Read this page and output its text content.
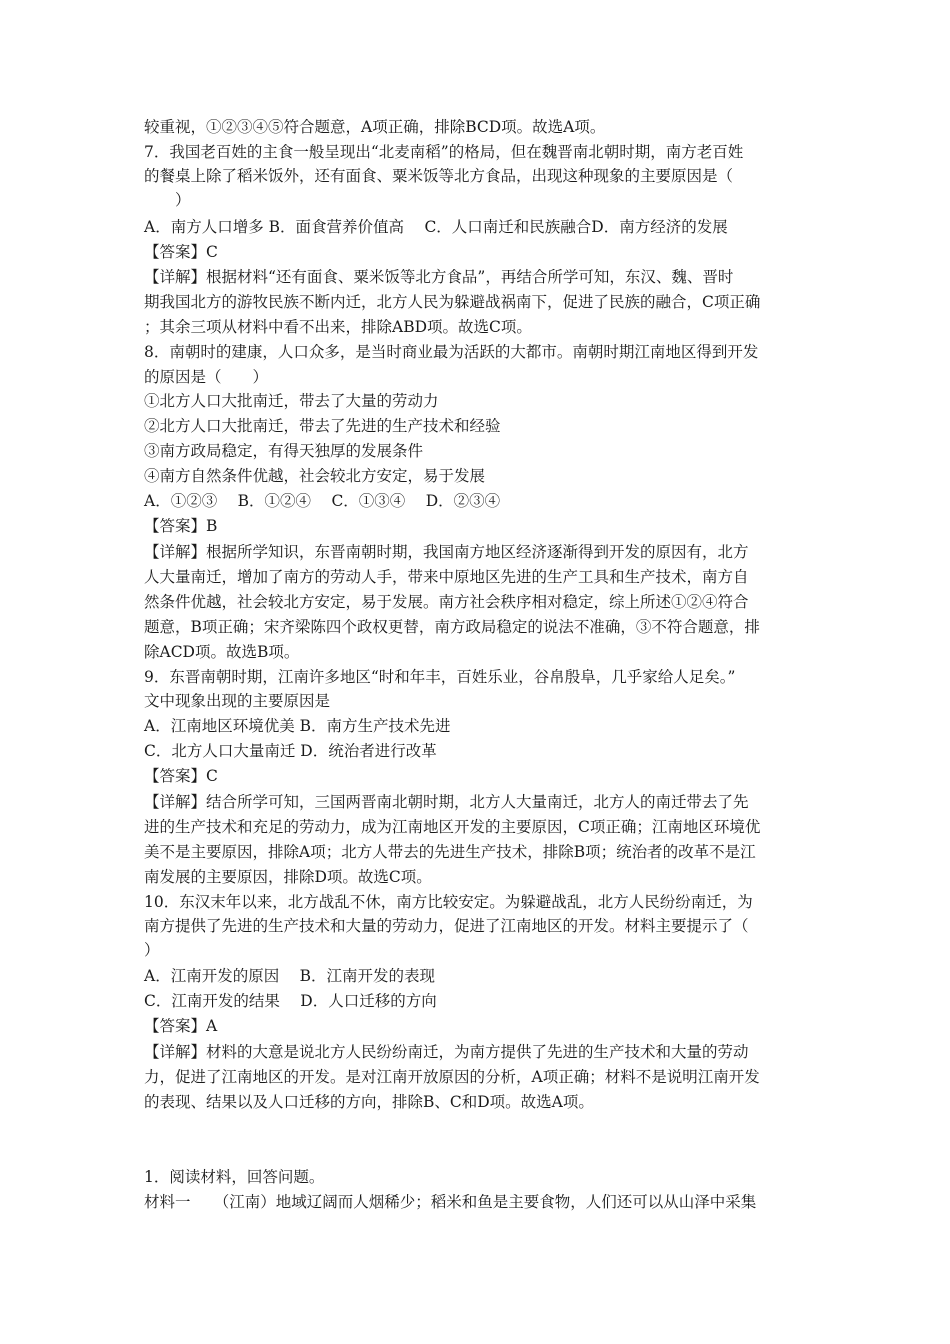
较重视，①②③④⑤符合题意，A项正确，排除BCD项。故选A项。
7．我国老百姓的主食一般呈现出“北麦南稻”的格局，但在魏晋南北朝时期，南方老百姓
的餐桌上除了稻米饭外，还有面食、粟米饭等北方食品，出现这种现象的主要原因是（
　　）
A．南方人口增多 B．面食营养价值高　 C．人口南迁和民族融合D．南方经济的发展
【答案】C
【详解】根据材料“还有面食、粟米饭等北方食品”，再结合所学可知，东汉、魏、晋时
期我国北方的游牧民族不断内迁，北方人民为躲避战祸南下，促进了民族的融合，C项正确
；其余三项从材料中看不出来，排除ABD项。故选C项。
8．南朝时的建康，人口众多，是当时商业最为活跃的大都市。南朝时期江南地区得到开发
的原因是（　　）
①北方人口大批南迁，带去了大量的劳动力
②北方人口大批南迁，带去了先进的生产技术和经验
③南方政局稳定，有得天独厚的发展条件
④南方自然条件优越，社会较北方安定，易于发展
A．①②③　 B．①②④　 C．①③④　 D．②③④
【答案】B
【详解】根据所学知识，东晋南朝时期，我国南方地区经济逐渐得到开发的原因有，北方
人大量南迁，增加了南方的劳动人手，带来中原地区先进的生产工具和生产技术，南方自
然条件优越，社会较北方安定，易于发展。南方社会秩序相对稳定，综上所述①②④符合
题意，B项正确；宋齐梁陈四个政权更替，南方政局稳定的说法不准确，③不符合题意，排
除ACD项。故选B项。
9．东晋南朝时期，江南许多地区“时和年丰，百姓乐业，谷帛殷阜，几乎家给人足矣。”
文中现象出现的主要原因是
A．江南地区环境优美 B．南方生产技术先进
C．北方人口大量南迁 D．统治者进行改革
【答案】C
【详解】结合所学可知，三国两晋南北朝时期，北方人大量南迁，北方人的南迁带去了先
进的生产技术和充足的劳动力，成为江南地区开发的主要原因，C项正确；江南地区环境优
美不是主要原因，排除A项；北方人带去的先进生产技术，排除B项；统治者的改革不是江
南发展的主要原因，排除D项。故选C项。
10．东汉末年以来，北方战乱不休，南方比较安定。为躲避战乱，北方人民纷纷南迁，为
南方提供了先进的生产技术和大量的劳动力，促进了江南地区的开发。材料主要提示了（
）
A．江南开发的原因　 B．江南开发的表现
C．江南开发的结果　 D．人口迁移的方向
【答案】A
【详解】材料的大意是说北方人民纷纷南迁，为南方提供了先进的生产技术和大量的劳动
力，促进了江南地区的开发。是对江南开放原因的分析，A项正确；材料不是说明江南开发
的表现、结果以及人口迁移的方向，排除B、C和D项。故选A项。
1．阅读材料，回答问题。
材料一　　（江南）地域辽阔而人烟稀少；稻米和鱼是主要食物，人们还可以从山泽中采集
